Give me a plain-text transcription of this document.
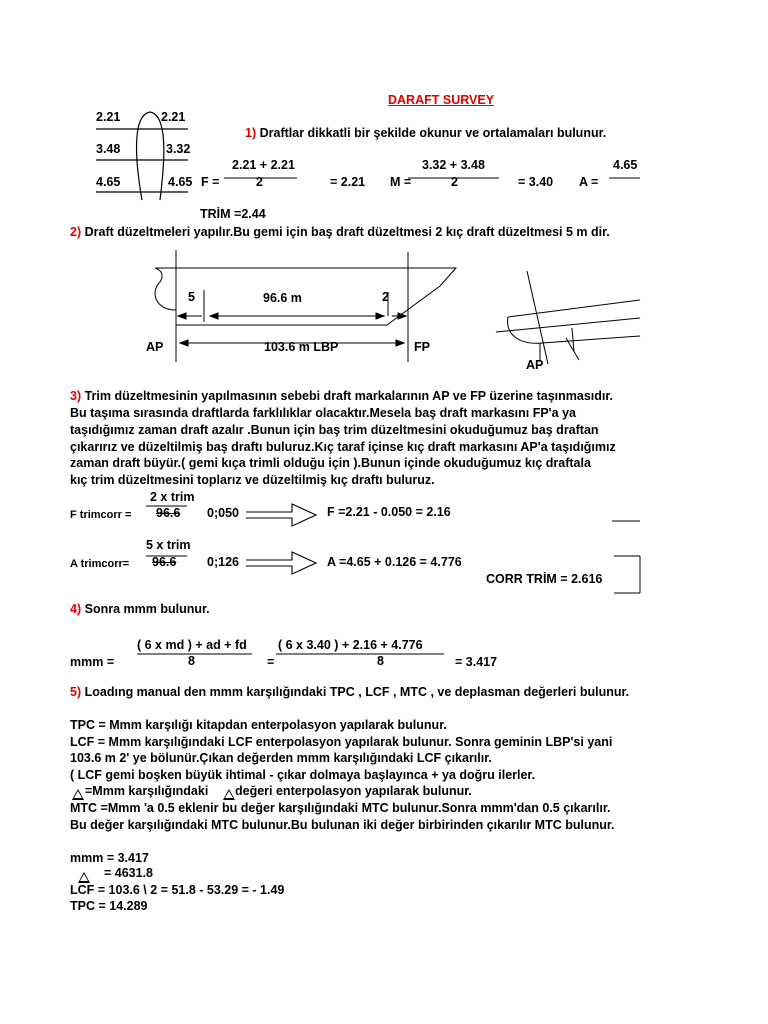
DARAFT SURVEY
2.21	2.21
3.48	3.32
4.65	4.65
1) Draftlar dikkatli bir şekilde okunur ve ortalamaları bulunur.
2.21 + 2.21
F =	2	= 2.21
3.32 + 3.48
M =	2	= 3.40 A =
4.65
TRİM =2.44
2) Draft düzeltmeleri yapılır.Bu gemi için baş draft düzeltmesi 2 kıç draft düzeltmesi 5 m dir.
5	96.6 m	2
AP	103.6 m LBP	FP
AP
3) Trim düzeltmesinin yapılmasının sebebi draft markalarının AP ve FP üzerine taşınmasıdır.
Bu taşıma sırasında draftlarda farklılıklar olacaktır.Mesela baş draft markasını FP'a ya
taşıdığımız zaman draft azalır .Bunun için baş trim düzeltmesini okuduğumuz baş draftan
çıkarırız ve düzeltilmiş baş draftı buluruz.Kıç taraf içinse kıç draft markasını AP'a taşıdığımız
zaman draft büyür.( gemi kıça trimli olduğu için ).Bunun içinde okuduğumuz kıç draftala
kıç trim düzeltmesini toplarız ve düzeltilmiş kıç draftı buluruz.
2 x trim
F trimcorr = 96.6 0;050	F =2.21 - 0.050 = 2.16
5 x trim
A trimcorr= 96.6 0;126	A =4.65 + 0.126 = 4.776
CORR TRİM = 2.616
4) Sonra mmm bulunur.
( 6 x md ) + ad + fd
mmm =	8	=
( 6 x 3.40 ) + 2.16 + 4.776
8	= 3.417
5) Loadıng manual den mmm karşılığındaki TPC , LCF , MTC , ve deplasman değerleri bulunur.
TPC = Mmm karşılığı kitapdan enterpolasyon yapılarak bulunur.
LCF = Mmm karşılığındaki LCF enterpolasyon yapılarak bulunur. Sonra geminin LBP'si yani
103.6 m 2' ye bölunür.Çıkan değerden mmm karşılığındaki LCF çıkarılır.
( LCF gemi boşken büyük ihtimal - çıkar dolmaya başlayınca + ya doğru ilerler.
=Mmm karşılığındaki değeri enterpolasyon yapılarak bulunur.
MTC =Mmm 'a 0.5 eklenir bu değer karşılığındaki MTC bulunur.Sonra mmm'dan 0.5 çıkarılır.
Bu değer karşılığındaki MTC bulunur.Bu bulunan iki değer birbirinden çıkarılır MTC bulunur.
mmm = 3.417
= 4631.8
LCF = 103.6 \ 2 = 51.8 - 53.29 = - 1.49
TPC = 14.289
